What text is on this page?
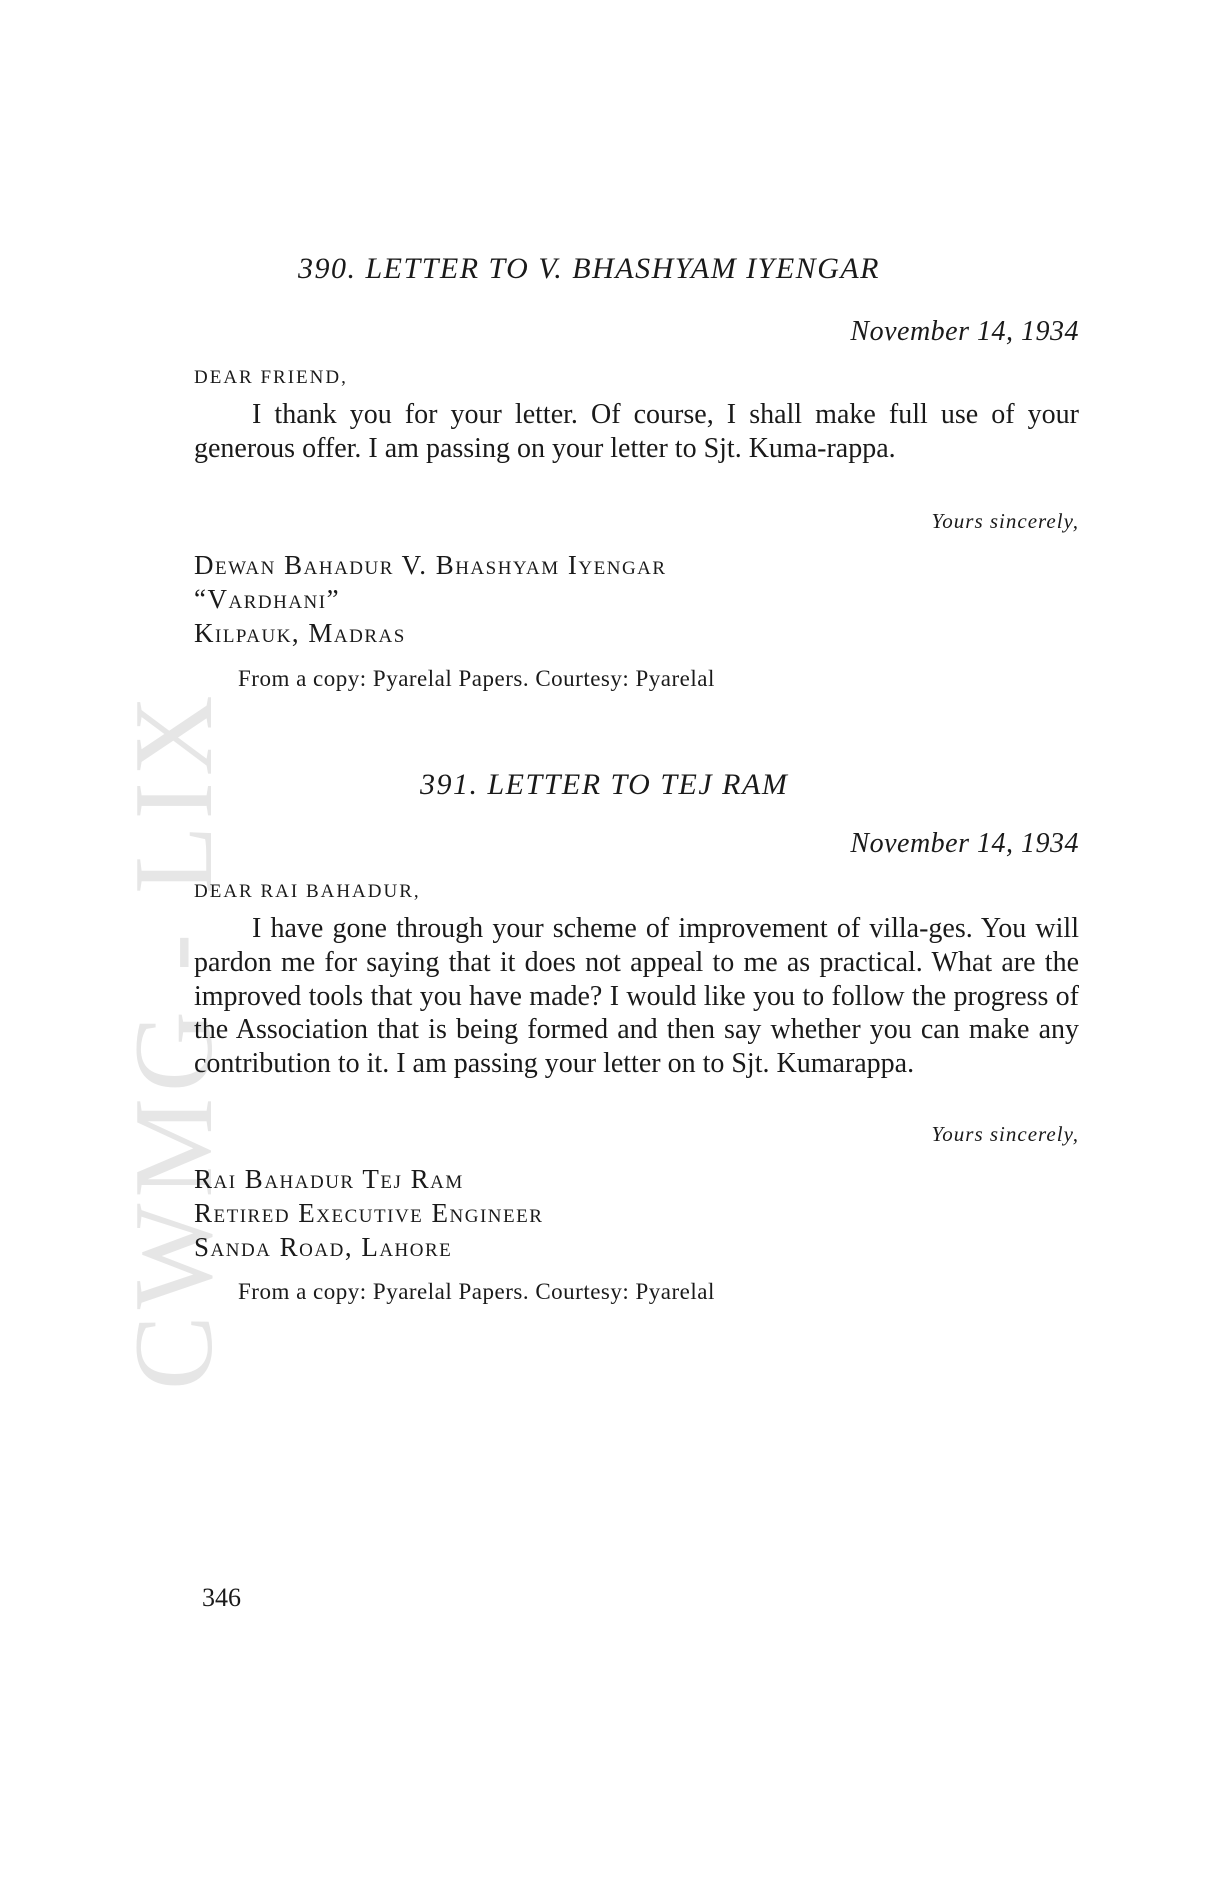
CWMG - LIX
390. LETTER TO V. BHASHYAM IYENGAR
November 14, 1934
DEAR FRIEND,
I thank you for your letter. Of course, I shall make full use of your generous offer. I am passing on your letter to Sjt. Kuma-rappa.
Yours sincerely,
Dewan Bahadur V. Bhashyam Iyengar
“Vardhani”
Kilpauk, Madras
From a copy: Pyarelal Papers. Courtesy: Pyarelal
391. LETTER TO TEJ RAM
November 14, 1934
DEAR RAI BAHADUR,
I have gone through your scheme of improvement of villa-ges. You will pardon me for saying that it does not appeal to me as practical. What are the improved tools that you have made? I would like you to follow the progress of the Association that is being formed and then say whether you can make any contribution to it. I am passing your letter on to Sjt. Kumarappa.
Yours sincerely,
Rai Bahadur Tej Ram
Retired Executive Engineer
Sanda Road, Lahore
From a copy: Pyarelal Papers. Courtesy: Pyarelal
346
